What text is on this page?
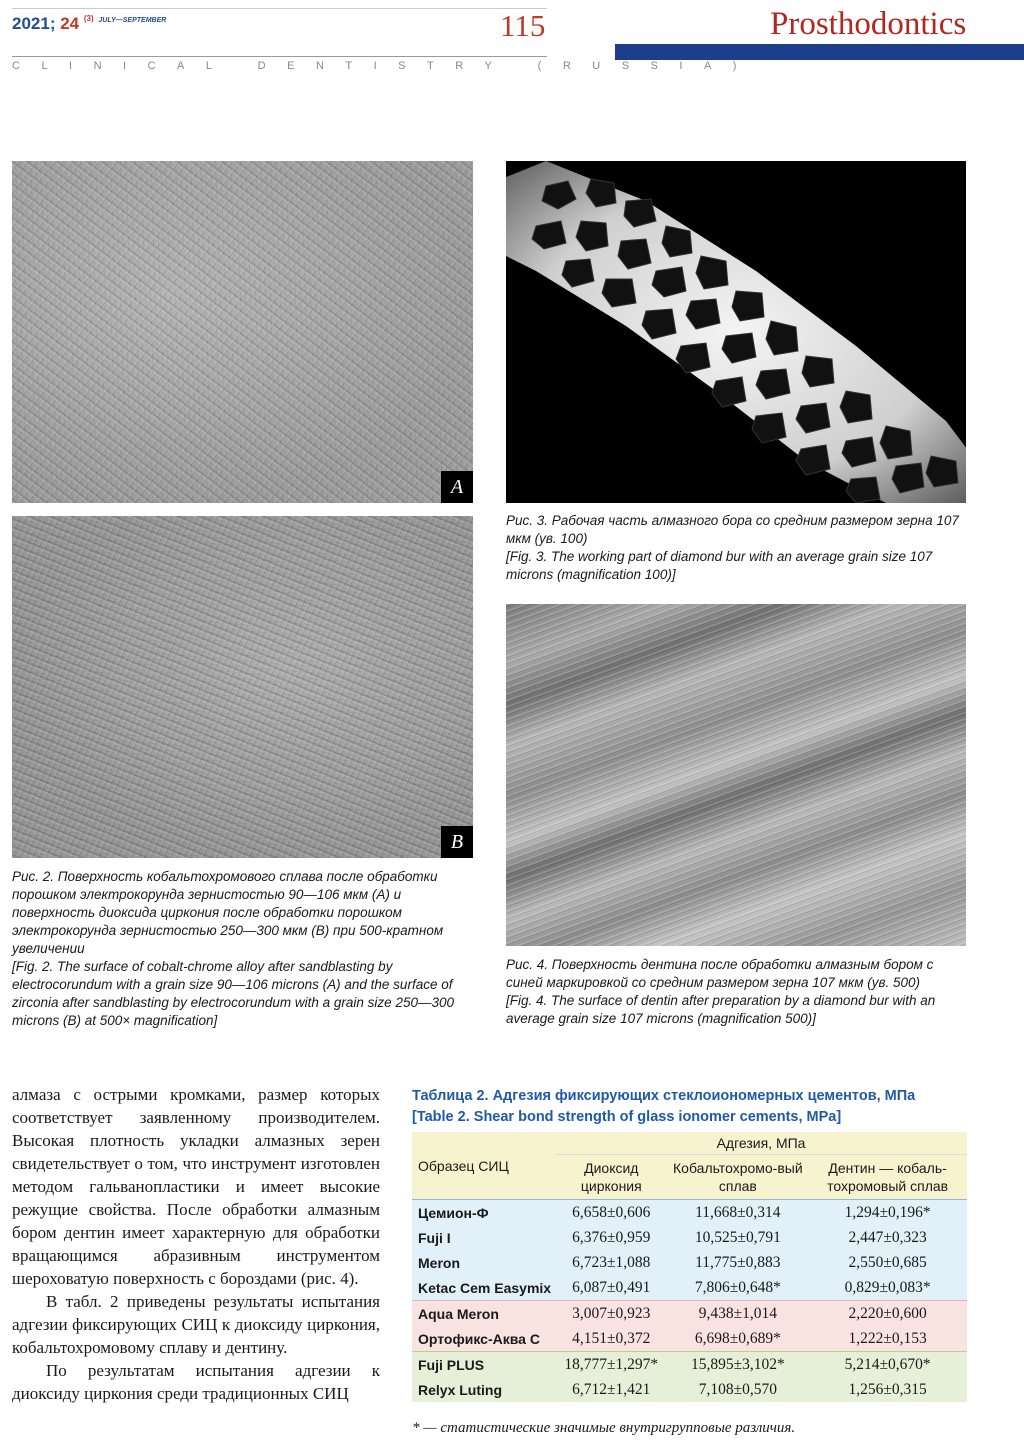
2021; 24 $^{(3)}$ $^{JULY—SEPTEMBER}$	115
CLINICAL DENTISTRY (RUSSIA)
Prosthodontics
A
B

Рис. 3. Рабочая часть алмазного бора со средним размером зерна 107 мкм (ув. 100)

[Fig. 3. The working part of diamond bur with an average grain size 107 microns (magnification 100)]

Рис. 2. Поверхность кобальтохромового сплава после обработки порошком электрокорунда зернистостью 90—106 мкм (A) и поверхность диоксида циркония после обработки порошком электрокорунда зернистостью 250—300 мкм (B) при 500-кратном увеличении

[Fig. 2. The surface of cobalt-chrome alloy after sandblasting by electrocorundum with a grain size 90—106 microns (A) and the surface of zirconia after sandblasting by electrocorundum with a grain size 250—300 microns (B) at 500× magnification]

Рис. 4. Поверхность дентина после обработки алмазным бором с синей маркировкой со средним размером зерна 107 мкм (ув. 500)

[Fig. 4. The surface of dentin after preparation by a diamond bur with an average grain size 107 microns (magnification 500)]

алмаза с острыми кромками, размер которых соответствует заявленному производителем. Высокая плотность укладки алмазных зерен свидетельствует о том, что инструмент изготовлен методом гальванопластики и имеет высокие режущие свойства. После обработки алмазным бором дентин имеет характерную для обработки вращающимся абразивным инструментом шероховатую поверхность с бороздами (рис. 4).

В табл. 2 приведены результаты испытания адгезии фиксирующих СИЦ к диоксиду циркония, кобальтохромовому сплаву и дентину.

По результатам испытания адгезии к диоксиду циркония среди традиционных СИЦ

Таблица 2. Адгезия фиксирующих стеклоиономерных цементов, МПа
[Table 2. Shear bond strength of glass ionomer cements, MPa]
Образец СИЦ	Адгезия, МПа		
	Диоксид циркония	Кобальтохромо-вый сплав	Дентин — кобаль-тохромовый сплав
Цемион-Ф	6,658±0,606	11,668±0,314	1,294±0,196*
Fuji I	6,376±0,959	10,525±0,791	2,447±0,323
Meron	6,723±1,088	11,775±0,883	2,550±0,685
Ketac Cem Easymix	6,087±0,491	7,806±0,648*	0,829±0,083*
Aqua Meron	3,007±0,923	9,438±1,014	2,220±0,600
Ортофикс-Аква С	4,151±0,372	6,698±0,689*	1,222±0,153
Fuji PLUS	18,777±1,297*	15,895±3,102*	5,214±0,670*
Relyx Luting	6,712±1,421	7,108±0,570	1,256±0,315
* — статистические значимые внутригрупповые различия.
